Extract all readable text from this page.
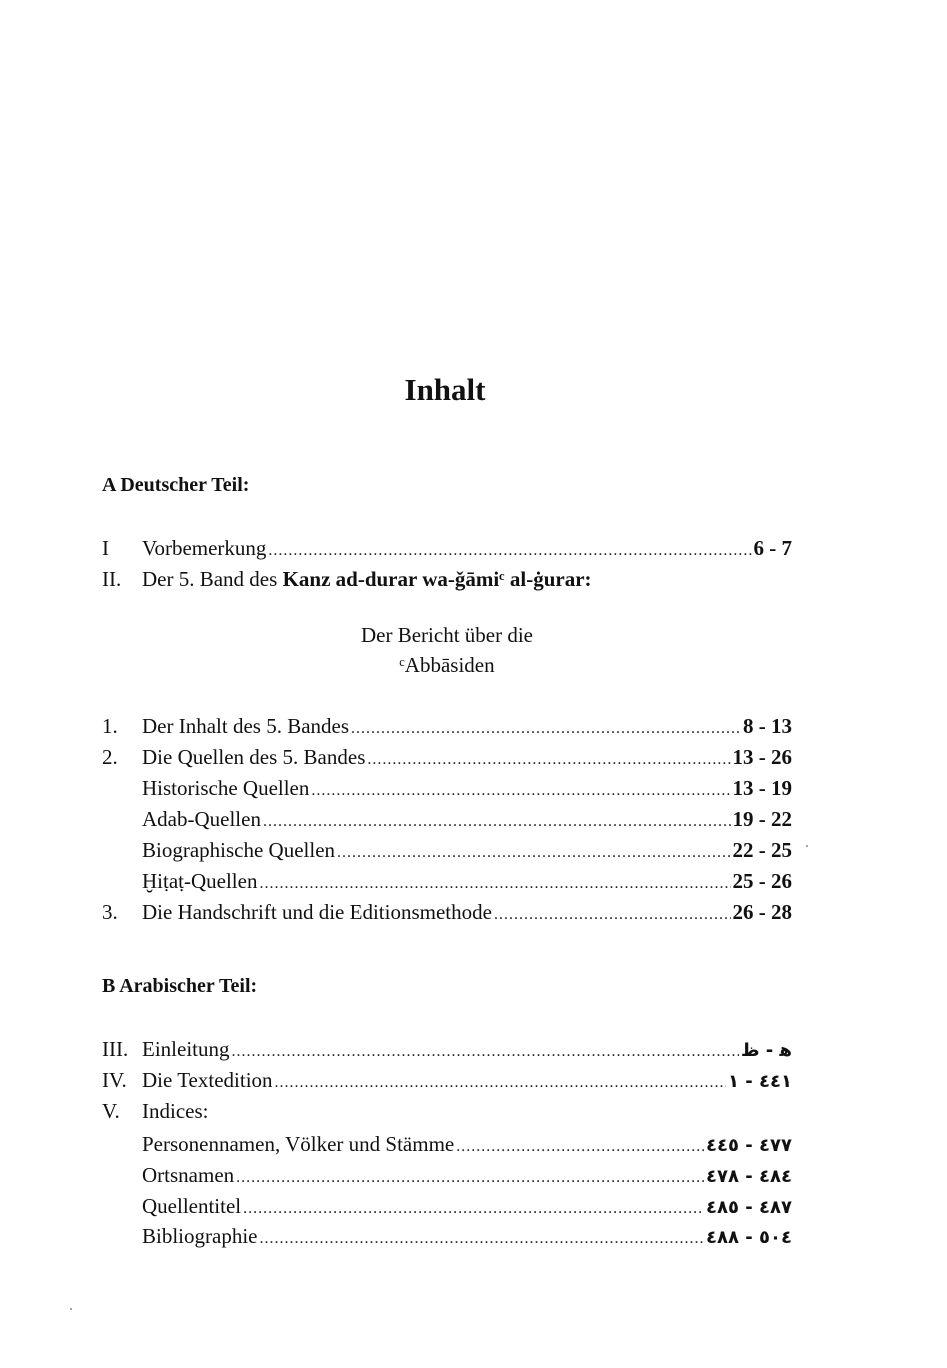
Inhalt
A Deutscher Teil:
I	Vorbemerkung .....	6 - 7
II. Der 5. Band des Kanz ad-durar wa-ǧāmiᶜ al-ġurar:
Der Bericht über die
ᶜAbbāsiden
1.	Der Inhalt des 5. Bandes .....	8 - 13
2.	Die Quellen des 5. Bandes .....	13 - 26
Historische Quellen .....	13 - 19
Adab-Quellen .....	19 - 22
Biographische Quellen .....	22 - 25
Ḫiṭaṭ-Quellen .....	25 - 26
3.	Die Handschrift und die Editionsmethode .....	26 - 28
B Arabischer Teil:
III. Einleitung .....	ﻫ - ﻅ
IV. Die Textedition .....	٤٤١ - ١
V.	Indices:
Personennamen, Völker und Stämme .....	٤٧٧ - ٤٤٥
Ortsnamen .....	٤٨٤ - ٤٧٨
Quellentitel .....	٤٨٧ - ٤٨٥
Bibliographie .....	٥٠٤ - ٤٨٨
